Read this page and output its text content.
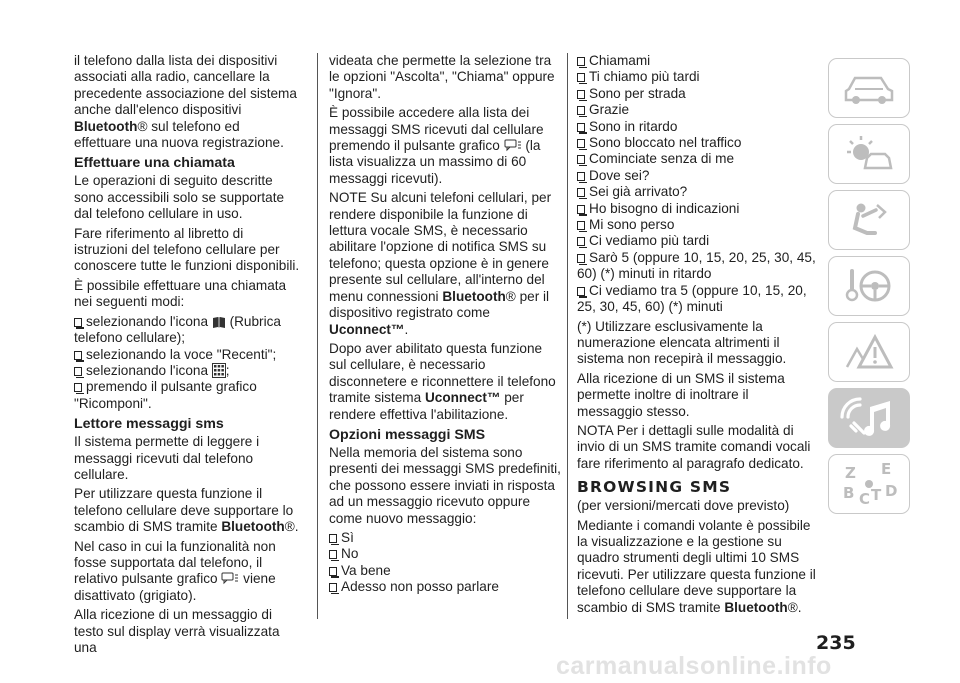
il telefono dalla lista dei dispositivi associati alla radio, cancellare la precedente associazione del sistema anche dall'elenco dispositivi Bluetooth® sul telefono ed effettuare una nuova registrazione.

Effettuare una chiamata

Le operazioni di seguito descritte sono accessibili solo se supportate dal telefono cellulare in uso.

Fare riferimento al libretto di istruzioni del telefono cellulare per conoscere tutte le funzioni disponibili.

È possibile effettuare una chiamata nei seguenti modi:

selezionando l'icona (Rubrica telefono cellulare);
selezionando la voce "Recenti";
selezionando l'icona ;
premendo il pulsante grafico "Ricomponi".
Lettore messaggi sms

Il sistema permette di leggere i messaggi ricevuti dal telefono cellulare.

Per utilizzare questa funzione il telefono cellulare deve supportare lo scambio di SMS tramite Bluetooth®.

Nel caso in cui la funzionalità non fosse supportata dal telefono, il relativo pulsante grafico viene disattivato (grigiato).

Alla ricezione di un messaggio di testo sul display verrà visualizzata una

videata che permette la selezione tra le opzioni "Ascolta", "Chiama" oppure "Ignora".

È possibile accedere alla lista dei messaggi SMS ricevuti dal cellulare premendo il pulsante grafico (la lista visualizza un massimo di 60 messaggi ricevuti).

NOTE Su alcuni telefoni cellulari, per rendere disponibile la funzione di lettura vocale SMS, è necessario abilitare l'opzione di notifica SMS su telefono; questa opzione è in genere presente sul cellulare, all'interno del menu connessioni Bluetooth® per il dispositivo registrato come Uconnect™.

Dopo aver abilitato questa funzione sul cellulare, è necessario disconnetere e riconnettere il telefono tramite sistema Uconnect™ per rendere effettiva l'abilitazione.

Opzioni messaggi SMS

Nella memoria del sistema sono presenti dei messaggi SMS predefiniti, che possono essere inviati in risposta ad un messaggio ricevuto oppure come nuovo messaggio:

Sì
No
Va bene
Adesso non posso parlare
Chiamami
Ti chiamo più tardi
Sono per strada
Grazie
Sono in ritardo
Sono bloccato nel traffico
Cominciate senza di me
Dove sei?
Sei già arrivato?
Ho bisogno di indicazioni
Mi sono perso
Ci vediamo più tardi
Sarò 5 (oppure 10, 15, 20, 25, 30, 45, 60) (*) minuti in ritardo
Ci vediamo tra 5 (oppure 10, 15, 20, 25, 30, 45, 60) (*) minuti

(*) Utilizzare esclusivamente la numerazione elencata altrimenti il sistema non recepirà il messaggio.

Alla ricezione di un SMS il sistema permette inoltre di inoltrare il messaggio stesso.

NOTA Per i dettagli sulle modalità di invio di un SMS tramite comandi vocali fare riferimento al paragrafo dedicato.

BROWSING SMS

(per versioni/mercati dove previsto)

Mediante i comandi volante è possibile la visualizzazione e la gestione su quadro strumenti degli ultimi 10 SMS ricevuti. Per utilizzare questa funzione il telefono cellulare deve supportare la scambio di SMS tramite Bluetooth®.

Z E
B C T D
235
carmanualsonline.info
